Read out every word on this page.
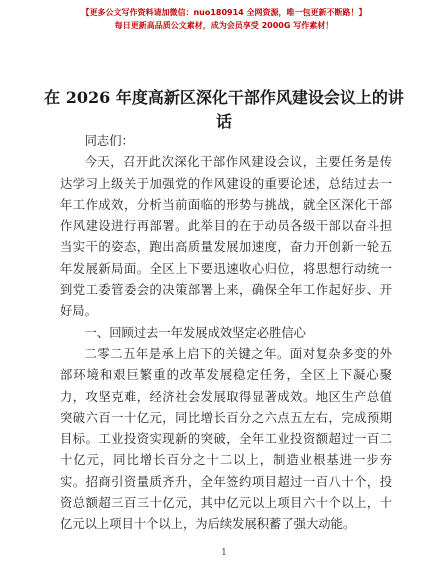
【更多公文写作资料请加微信：nuo180914 全网资源，唯一包更新不断路！】
每日更新高品质公文素材，成为会员享受 2000G 写作素材！
在 2026 年度高新区深化干部作风建设会议上的讲话

同志们：

今天，召开此次深化干部作风建设会议，主要任务是传达学习上级关于加强党的作风建设的重要论述，总结过去一年工作成效，分析当前面临的形势与挑战，就全区深化干部作风建设进行再部署。此举目的在于动员各级干部以奋斗担当实干的姿态，跑出高质量发展加速度，奋力开创新一轮五年发展新局面。全区上下要迅速收心归位，将思想行动统一到党工委管委会的决策部署上来，确保全年工作起好步、开好局。

一、回顾过去一年发展成效坚定必胜信心

二零二五年是承上启下的关键之年。面对复杂多变的外部环境和艰巨繁重的改革发展稳定任务，全区上下凝心聚力，攻坚克难，经济社会发展取得显著成效。地区生产总值突破六百一十亿元，同比增长百分之六点五左右，完成预期目标。工业投资实现新的突破，全年工业投资额超过一百二十亿元，同比增长百分之十二以上，制造业根基进一步夯实。招商引资量质齐升，全年签约项目超过一百八十个，投资总额超三百三十亿元，其中亿元以上项目六十个以上，十亿元以上项目十个以上，为后续发展积蓄了强大动能。

1
